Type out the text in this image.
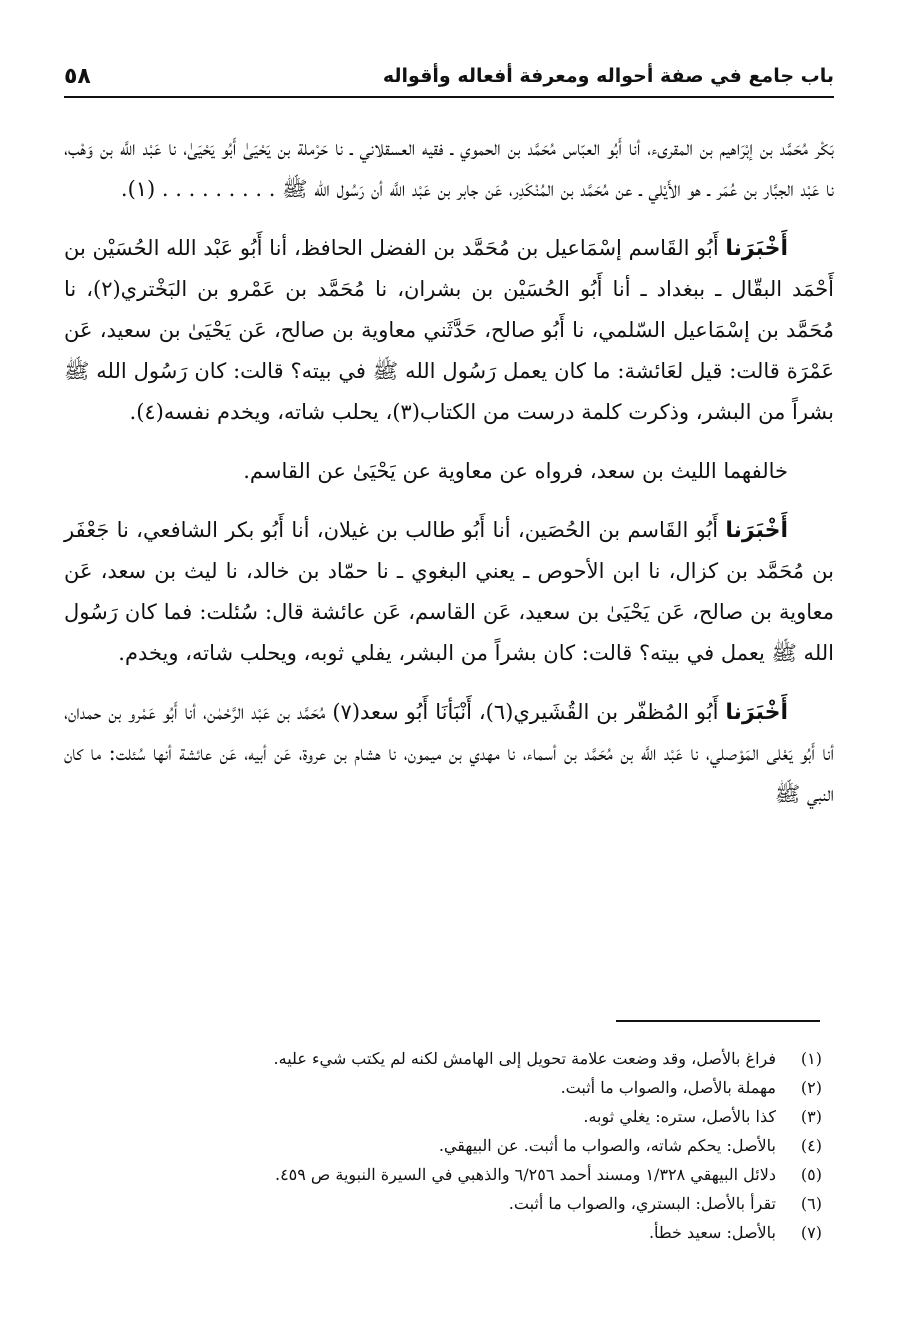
باب جامع في صفة أحواله ومعرفة أفعاله وأقواله
٥٨

بَكْر مُحَمَّد بن إبْرَاهيم بن المقرىء، أنا أَبُو العبّاس مُحَمَّد بن الحموي ـ فقيه العسقلاني ـ نا حَرْملة بن يَحْيَىٰ أَبُو يَحْيَىٰ، نا عَبْد اللَّه بن وَهْب، نا عَبْد الجبَّار بن عُمَر ـ هو الأَيْلي ـ عن مُحَمَّد بن المُنْكَدِر، عَن جابر بن عَبْد اللَّه أن رَسُول الله ﷺ . . . . . . . . . (١).

أَخْبَرَنا أَبُو القَاسم إسْمَاعيل بن مُحَمَّد بن الفضل الحافظ، أنا أَبُو عَبْد الله الحُسَيْن بن أَحْمَد البقّال ـ ببغداد ـ أنا أَبُو الحُسَيْن بن بشران، نا مُحَمَّد بن عَمْرو بن البَخْتري(٢)، نا مُحَمَّد بن إسْمَاعيل السّلمي، نا أَبُو صالح، حَدَّثَني معاوية بن صالح، عَن يَحْيَىٰ بن سعيد، عَن عَمْرَة قالت: قيل لعَائشة: ما كان يعمل رَسُول الله ﷺ في بيته؟ قالت: كان رَسُول الله ﷺ بشراً من البشر، وذكرت كلمة درست من الكتاب(٣)، يحلب شاته، ويخدم نفسه(٤).

خالفهما الليث بن سعد، فرواه عن معاوية عن يَحْيَىٰ عن القاسم.

أَخْبَرَنا أَبُو القَاسم بن الحُصَين، أنا أَبُو طالب بن غيلان، أنا أَبُو بكر الشافعي، نا جَعْفَر بن مُحَمَّد بن كزال، نا ابن الأحوص ـ يعني البغوي ـ نا حمّاد بن خالد، نا ليث بن سعد، عَن معاوية بن صالح، عَن يَحْيَىٰ بن سعيد، عَن القاسم، عَن عائشة قال: سُئلت: فما كان رَسُول الله ﷺ يعمل في بيته؟ قالت: كان بشراً من البشر، يفلي ثوبه، ويحلب شاته، ويخدم.

أَخْبَرَنا أَبُو المُظفّر بن القُشَيري(٦)، أَنْبَأنَا أَبُو سعد(٧) مُحَمَّد بن عَبْد الرَّحْمٰن، أنا أَبُو عَمْرو بن حمدان، أنا أَبُو يَعْلى المَوْصلي، نا عَبْد اللَّه بن مُحَمَّد بن أسماء، نا مهدي بن ميمون، نا هشام بن عروة، عَن أبيه، عَن عائشة أنها سُئلت: ما كان النبي ﷺ

(١)
فراغ بالأصل، وقد وضعت علامة تحويل إلى الهامش لكنه لم يكتب شيء عليه.
(٢)
مهملة بالأصل، والصواب ما أثبت.
(٣)
كذا بالأصل، ستره: يغلي ثوبه.
(٤)
بالأصل: يحكم شاته، والصواب ما أثبت. عن البيهقي.
(٥)
دلائل البيهقي ١/٣٢٨ ومسند أحمد ٦/٢٥٦ والذهبي في السيرة النبوية ص ٤٥٩.
(٦)
تقرأ بالأصل: البستري، والصواب ما أثبت.
(٧)
بالأصل: سعيد خطأ.
